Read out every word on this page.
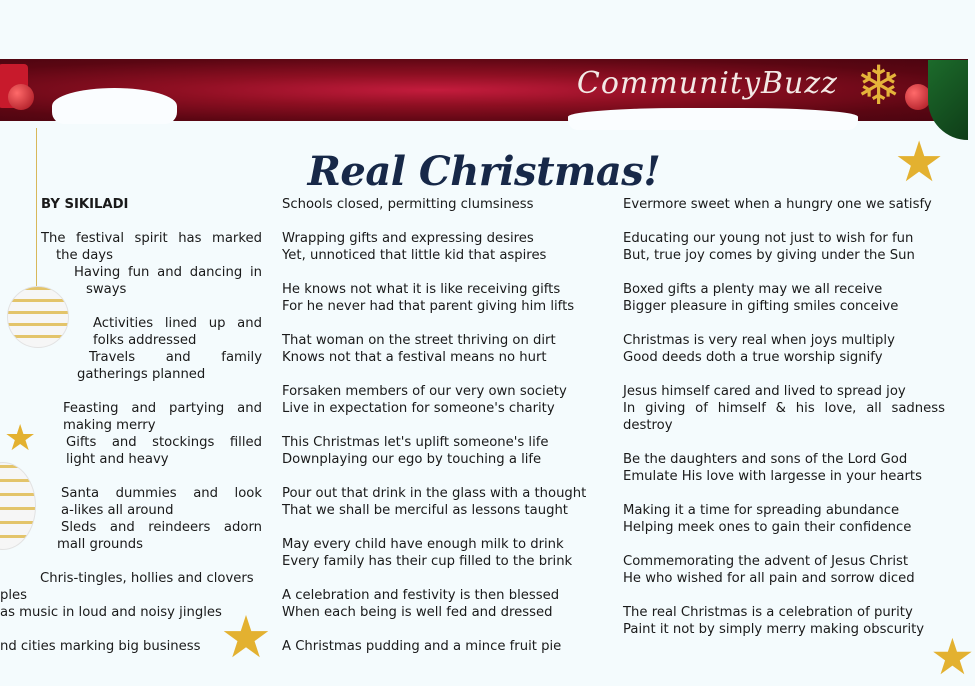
CommunityBuzz ❄
★
★
★	★
Real Christmas!
BY SIKILADI
The festival spirit has marked
the days
Having fun and dancing in
sways
Activities lined up and
folks addressed
Travels and family
gatherings planned
Feasting and partying and
making merry
Gifts and stockings filled
light and heavy
Santa dummies and look
a-likes all around
Sleds and reindeers adorn
mall grounds
Chris-tingles, hollies and clovers
ples
as music in loud and noisy jingles
nd cities marking big business
Schools closed, permitting clumsiness
Wrapping gifts and expressing desires
Yet, unnoticed that little kid that aspires
He knows not what it is like receiving gifts
For he never had that parent giving him lifts
That woman on the street thriving on dirt
Knows not that a festival means no hurt
Forsaken members of our very own society
Live in expectation for someone's charity
This Christmas let's uplift someone's life
Downplaying our ego by touching a life
Pour out that drink in the glass with a thought
That we shall be merciful as lessons taught
May every child have enough milk to drink
Every family has their cup filled to the brink
A celebration and festivity is then blessed
When each being is well fed and dressed
A Christmas pudding and a mince fruit pie
Evermore sweet when a hungry one we satisfy
Educating our young not just to wish for fun
But, true joy comes by giving under the Sun
Boxed gifts a plenty may we all receive
Bigger pleasure in gifting smiles conceive
Christmas is very real when joys multiply
Good deeds doth a true worship signify
Jesus himself cared and lived to spread joy
In giving of himself & his love, all sadness
destroy
Be the daughters and sons of the Lord God
Emulate His love with largesse in your hearts
Making it a time for spreading abundance
Helping meek ones to gain their confidence
Commemorating the advent of Jesus Christ
He who wished for all pain and sorrow diced
The real Christmas is a celebration of purity
Paint it not by simply merry making obscurity
